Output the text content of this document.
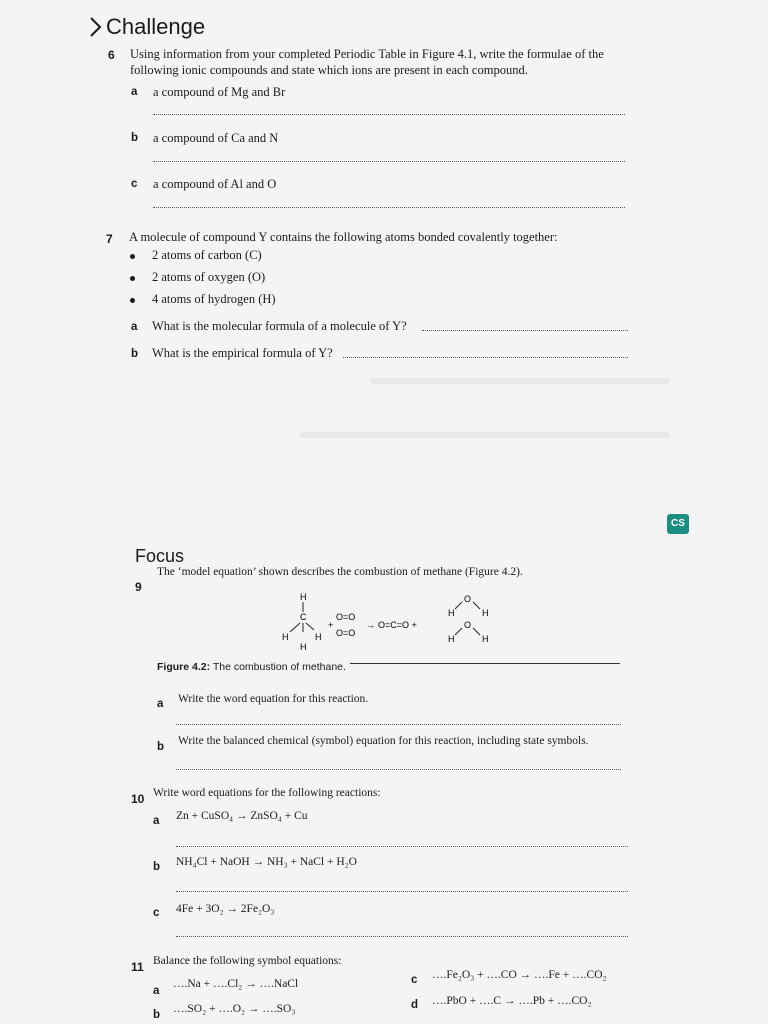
Challenge
6 Using information from your completed Periodic Table in Figure 4.1, write the formulae of the
following ionic compounds and state which ions are present in each compound.
a a compound of Mg and Br
b a compound of Ca and N
c a compound of Al and O
7 A molecule of compound Y contains the following atoms bonded covalently together:
2 atoms of carbon (C)
2 atoms of oxygen (O)
4 atoms of hydrogen (H)
a What is the molecular formula of a molecule of Y?
b What is the empirical formula of Y?
CS
Focus
9
The ‘model equation’ shown describes the combustion of methane (Figure 4.2).
H
C
H	H
H
+
O=O
O=O
→ O=C=O +
O
H	H
O
H	H
Figure 4.2: The combustion of methane.
a Write the word equation for this reaction.
b Write the balanced chemical (symbol) equation for this reaction, including state symbols.
10 Write word equations for the following reactions:
a Zn + CuSO₄ → ZnSO₄ + Cu
b NH₄Cl + NaOH → NH₃ + NaCl + H₂O
c 4Fe + 3O₂ → 2Fe₂O₃
11 Balance the following symbol equations:
a
….Na + ….Cl₂ → ….NaCl
b ….SO₂ + ….O₂ → ….SO₃
c ….Fe₂O₃ + ….CO → ….Fe + ….CO₂
d ….PbO + ….C → ….Pb + ….CO₂
